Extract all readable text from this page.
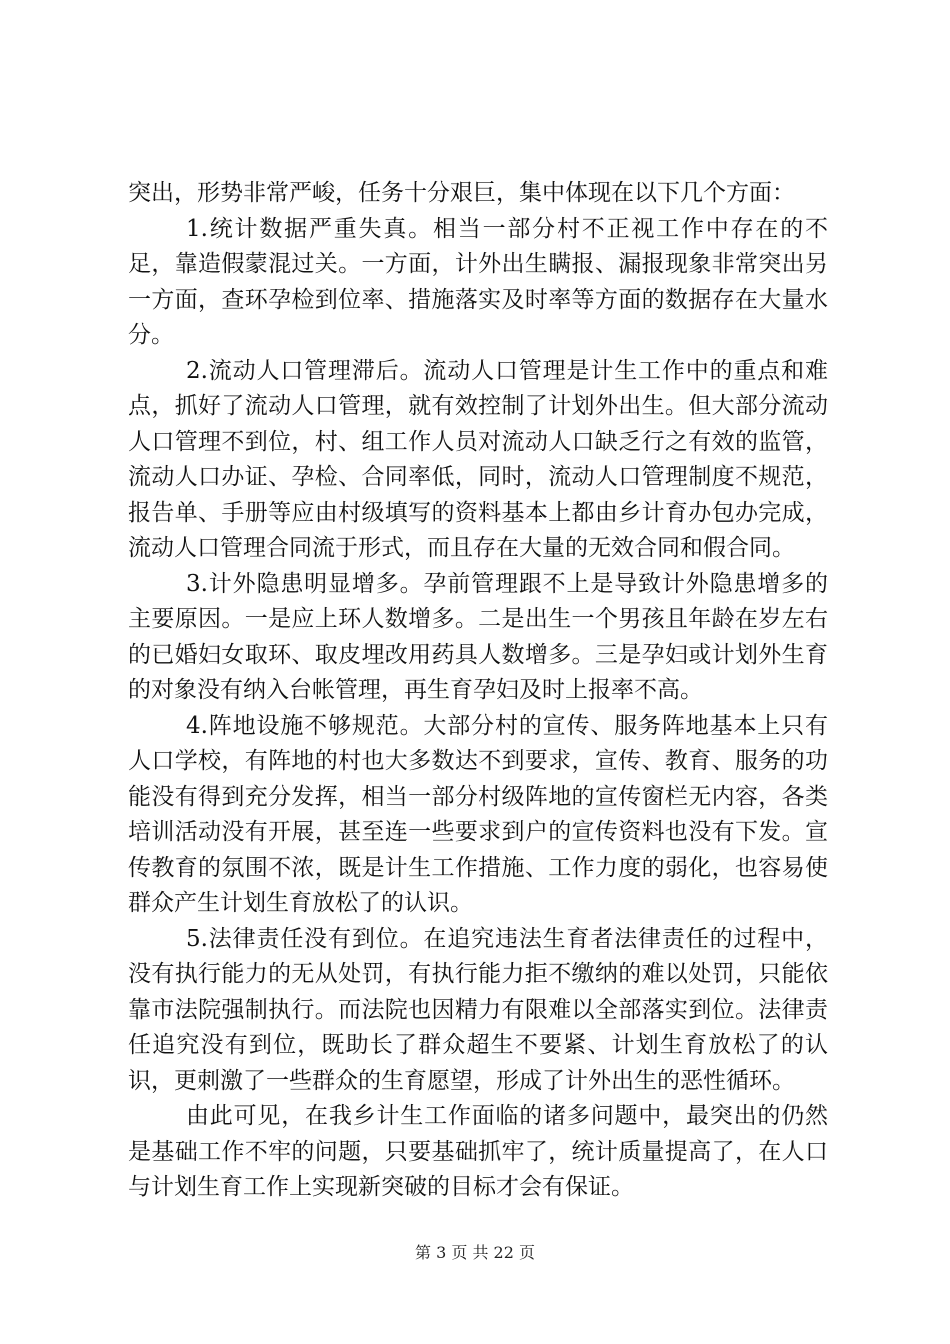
突出，形势非常严峻，任务十分艰巨，集中体现在以下几个方面：

1.统计数据严重失真。相当一部分村不正视工作中存在的不足，靠造假蒙混过关。一方面，计外出生瞒报、漏报现象非常突出另一方面，查环孕检到位率、措施落实及时率等方面的数据存在大量水分。

2.流动人口管理滞后。流动人口管理是计生工作中的重点和难点，抓好了流动人口管理，就有效控制了计划外出生。但大部分流动人口管理不到位，村、组工作人员对流动人口缺乏行之有效的监管，流动人口办证、孕检、合同率低，同时，流动人口管理制度不规范，报告单、手册等应由村级填写的资料基本上都由乡计育办包办完成，流动人口管理合同流于形式，而且存在大量的无效合同和假合同。

3.计外隐患明显增多。孕前管理跟不上是导致计外隐患增多的主要原因。一是应上环人数增多。二是出生一个男孩且年龄在岁左右的已婚妇女取环、取皮埋改用药具人数增多。三是孕妇或计划外生育的对象没有纳入台帐管理，再生育孕妇及时上报率不高。

4.阵地设施不够规范。大部分村的宣传、服务阵地基本上只有人口学校，有阵地的村也大多数达不到要求，宣传、教育、服务的功能没有得到充分发挥，相当一部分村级阵地的宣传窗栏无内容，各类培训活动没有开展，甚至连一些要求到户的宣传资料也没有下发。宣传教育的氛围不浓，既是计生工作措施、工作力度的弱化，也容易使群众产生计划生育放松了的认识。

5.法律责任没有到位。在追究违法生育者法律责任的过程中，没有执行能力的无从处罚，有执行能力拒不缴纳的难以处罚，只能依靠市法院强制执行。而法院也因精力有限难以全部落实到位。法律责任追究没有到位，既助长了群众超生不要紧、计划生育放松了的认识，更刺激了一些群众的生育愿望，形成了计外出生的恶性循环。

由此可见，在我乡计生工作面临的诸多问题中，最突出的仍然是基础工作不牢的问题，只要基础抓牢了，统计质量提高了，在人口与计划生育工作上实现新突破的目标才会有保证。

第 3 页 共 22 页
